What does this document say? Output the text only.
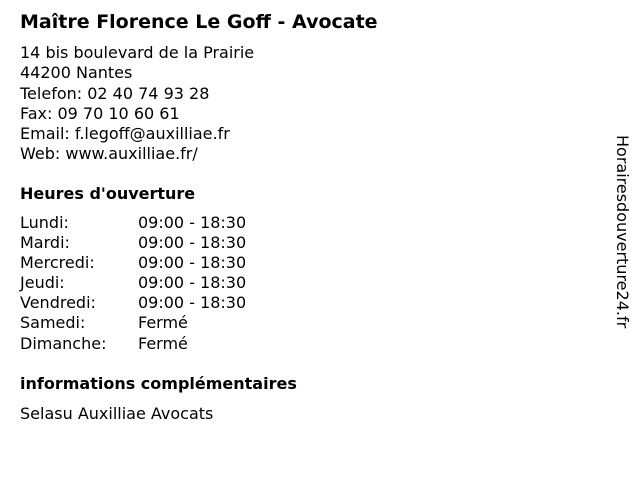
Maître Florence Le Goff - Avocate
14 bis boulevard de la Prairie
44200 Nantes
Telefon: 02 40 74 93 28
Fax: 09 70 10 60 61
Email: f.legoff@auxilliae.fr
Web: www.auxilliae.fr/
Heures d'ouverture
Lundi:	09:00 - 18:30
Mardi:	09:00 - 18:30
Mercredi:	09:00 - 18:30
Jeudi:	09:00 - 18:30
Vendredi:	09:00 - 18:30
Samedi:	Fermé
Dimanche:	Fermé
informations complémentaires
Selasu Auxilliae Avocats
Horairesdouverture24.fr
